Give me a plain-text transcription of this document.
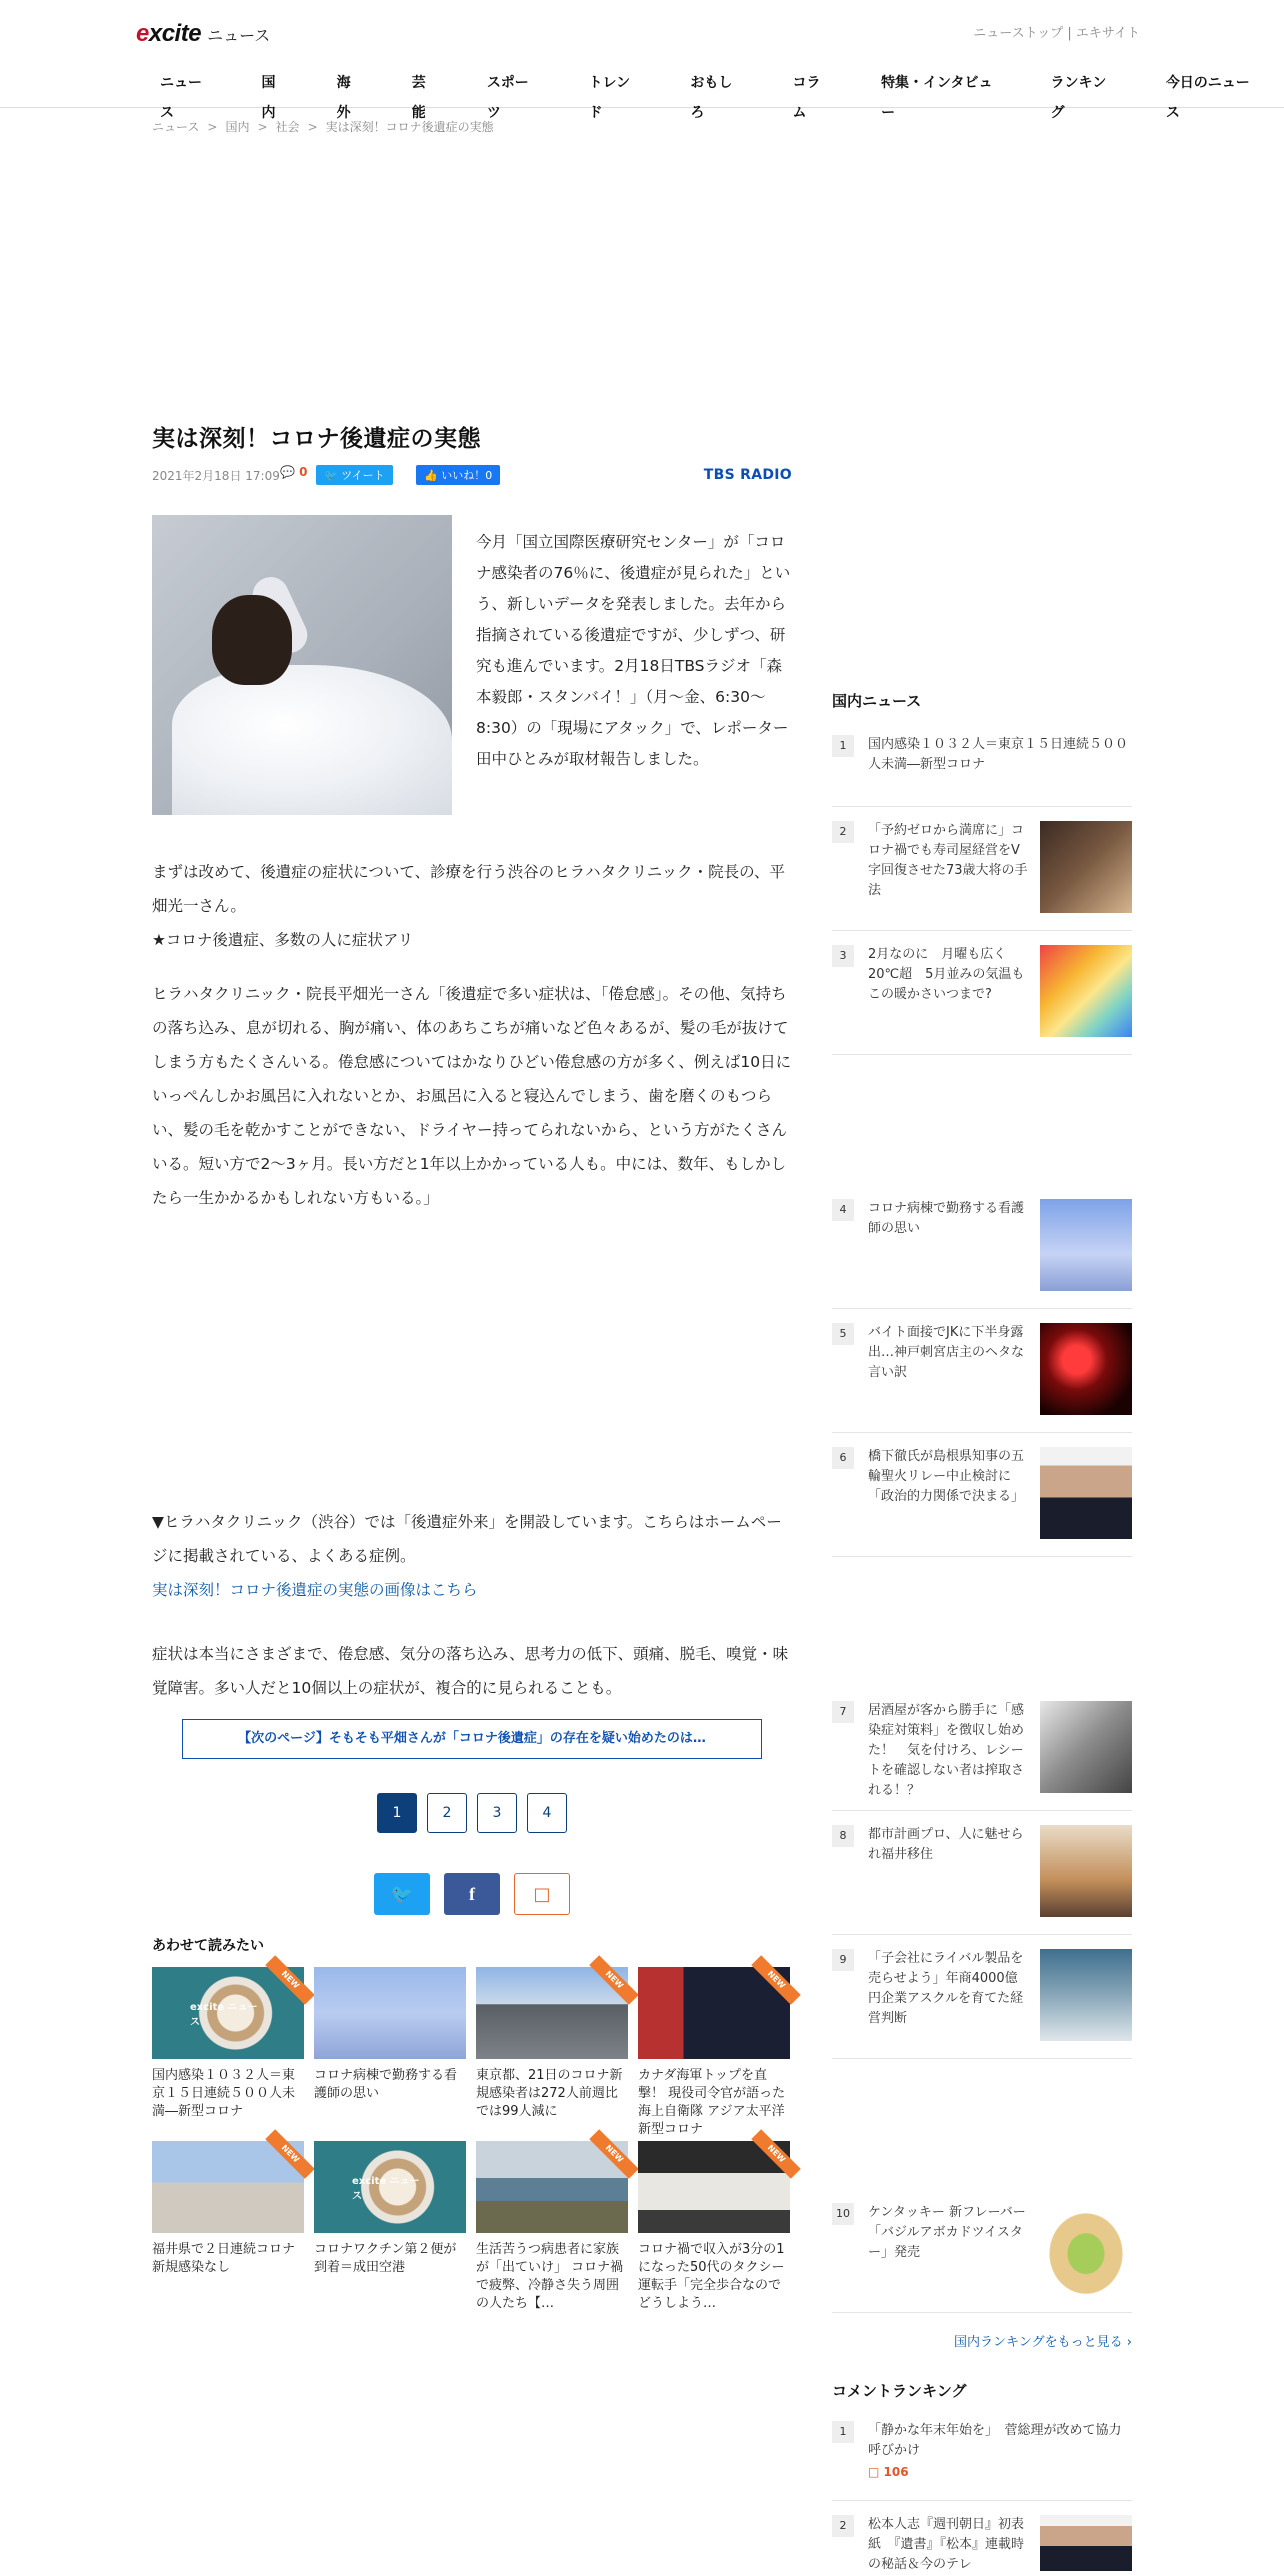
excite ニュース	ニューストップ | エキサイト
ニュース
国内
海外
芸能
スポーツ
トレンド
おもしろ
コラム
特集・インタビュー
ランキング
今日のニュース
ニュース > 国内 > 社会 > 実は深刻！コロナ後遺症の実態
実は深刻！コロナ後遺症の実態
2021年2月18日 17:09 💬 0	🐦 ツイート	👍 いいね！0	TBS RADIO

今月「国立国際医療研究センター」が「コロナ感染者の76％に、後遺症が見られた」という、新しいデータを発表しました。去年から指摘されている後遺症ですが、少しずつ、研究も進んでいます。2月18日TBSラジオ「森本毅郎・スタンバイ！」（月～金、6:30～8:30）の「現場にアタック」で、レポーター田中ひとみが取材報告しました。

まずは改めて、後遺症の症状について、診療を行う渋谷のヒラハタクリニック・院長の、平畑光一さん。

★コロナ後遺症、多数の人に症状アリ

ヒラハタクリニック・院長平畑光一さん「後遺症で多い症状は、「倦怠感」。その他、気持ちの落ち込み、息が切れる、胸が痛い、体のあちこちが痛いなど色々あるが、髪の毛が抜けてしまう方もたくさんいる。倦怠感についてはかなりひどい倦怠感の方が多く、例えば10日にいっぺんしかお風呂に入れないとか、お風呂に入ると寝込んでしまう、歯を磨くのもつらい、髪の毛を乾かすことができない、ドライヤー持ってられないから、という方がたくさんいる。短い方で2～3ヶ月。長い方だと1年以上かかっている人も。中には、数年、もしかしたら一生かかるかもしれない方もいる。」

▼ヒラハタクリニック（渋谷）では「後遺症外来」を開設しています。こちらはホームページに掲載されている、よくある症例。

実は深刻！コロナ後遺症の実態の画像はこちら

症状は本当にさまざまで、倦怠感、気分の落ち込み、思考力の低下、頭痛、脱毛、嗅覚・味覚障害。多い人だと10個以上の症状が、複合的に見られることも。

【次のページ】そもそも平畑さんが「コロナ後遺症」の存在を疑い始めたのは…
1	2	3	4
🐦	f	□
あわせて読みたい
excite ニュース
NEW

国内感染１０３２人＝東京１５日連続５００人未満―新型コロナ

コロナ病棟で勤務する看護師の思い

NEW

東京都、21日のコロナ新規感染者は272人前週比では99人減に

NEW

カナダ海軍トップを直撃！ 現役司令官が語った海上自衛隊 アジア太平洋 新型コロナ

NEW

福井県で２日連続コロナ新規感染なし

excite ニュース

コロナワクチン第２便が到着＝成田空港

NEW

生活苦うつ病患者に家族が「出ていけ」 コロナ禍で疲弊、冷静さ失う周囲の人たち【…

NEW

コロナ禍で収入が3分の1になった50代のタクシー運転手「完全歩合なのでどうしよう…

国内ニュース
1	国内感染１０３２人＝東京１５日連続５００人未満―新型コロナ

2	「予約ゼロから満席に」コロナ禍でも寿司屋経営をV字回復させた73歳大将の手法

3	2月なのに　月曜も広く20℃超　5月並みの気温も　この暖かさいつまで?

4	コロナ病棟で勤務する看護師の思い

5	バイト面接でJKに下半身露出…神戸刺宮店主のヘタな言い訳

6	橋下徹氏が島根県知事の五輪聖火リレー中止検討に「政治的力関係で決まる」

7	居酒屋が客から勝手に「感染症対策料」を徴収し始めた！　気を付けろ、レシートを確認しない者は搾取される！？

8	都市計画プロ、人に魅せられ福井移住

9	「子会社にライバル製品を売らせよう」年商4000億円企業アスクルを育てた経営判断

10	ケンタッキー 新フレーバー「バジルアボカドツイスター」発売

国内ランキングをもっと見る ›
コメントランキング
1	「静かな年末年始を」　菅総理が改めて協力呼びかけ

□ 106

2	松本人志『週刊朝日』初表紙　『遺書』『松本』連載時の秘話＆今のテレ
